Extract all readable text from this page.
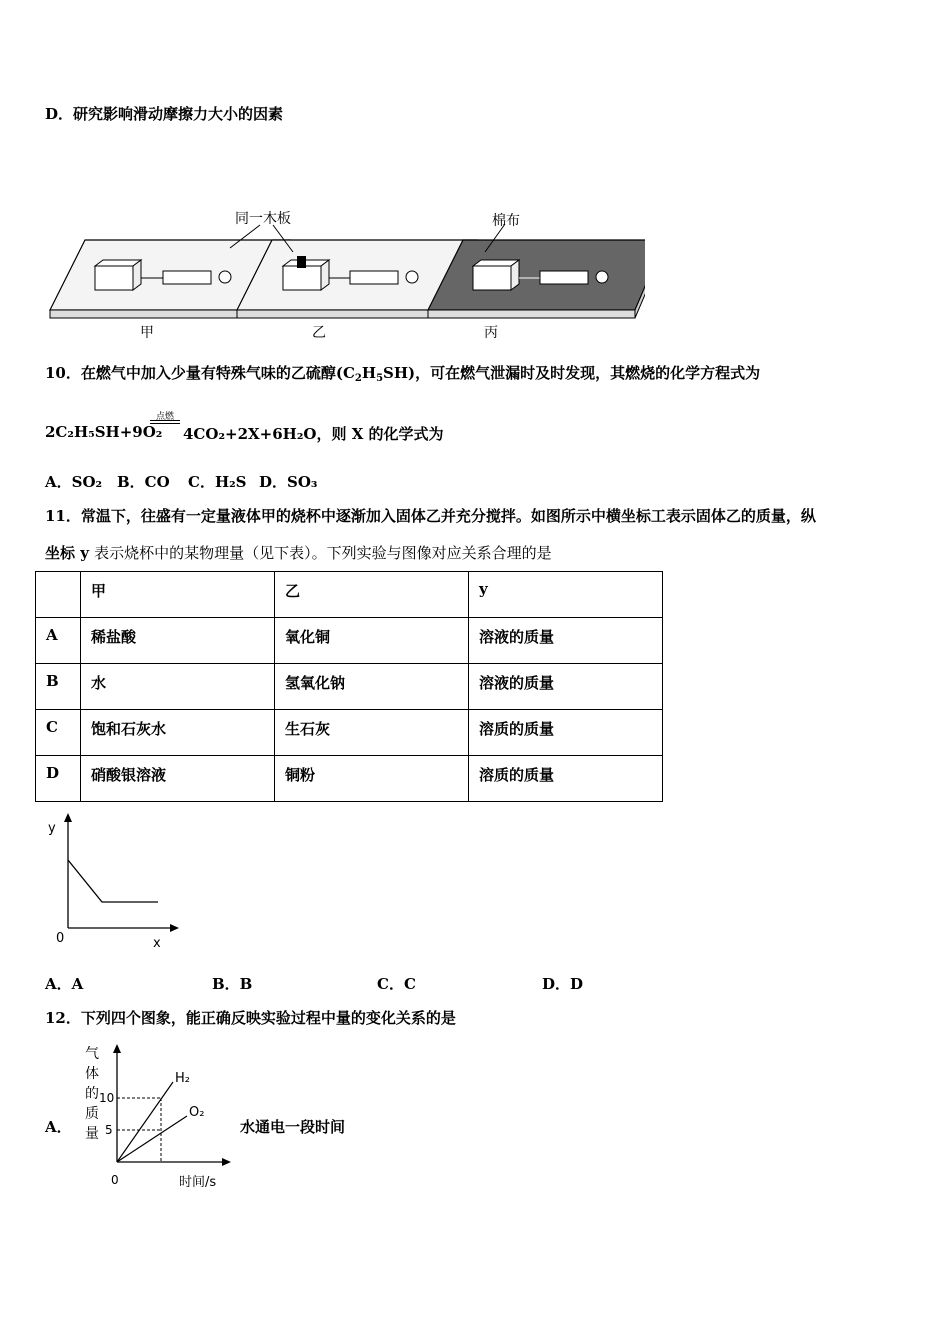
D．研究影响滑动摩擦力大小的因素
同一木板	棉布
甲	乙	丙
10．在燃气中加入少量有特殊气味的乙硫醇$(C_2H_5SH)$，可在燃气泄漏时及时发现，其燃烧的化学方程式为
2C₂H₅SH+9O₂
点燃
4CO₂+2X+6H₂O，则 X 的化学式为
A．SO₂ B．CO C．H₂S D．SO₃
11．常温下，往盛有一定量液体甲的烧杯中逐渐加入固体乙并充分搅拌。如图所示中横坐标工表示固体乙的质量，纵
坐标 y 表示烧杯中的某物理量（见下表）。下列实验与图像对应关系合理的是
	甲	乙	y
A	稀盐酸	氧化铜	溶液的质量
B	水	氢氧化钠	溶液的质量
C	饱和石灰水	生石灰	溶质的质量
D	硝酸银溶液	铜粉	溶质的质量
y
x
0
A．A	B．B	C．C	D．D
12．下列四个图象，能正确反映实验过程中量的变化关系的是
A．	水通电一段时间
气
体
的
质
量
10
5
0	时间/s
H₂
O₂
